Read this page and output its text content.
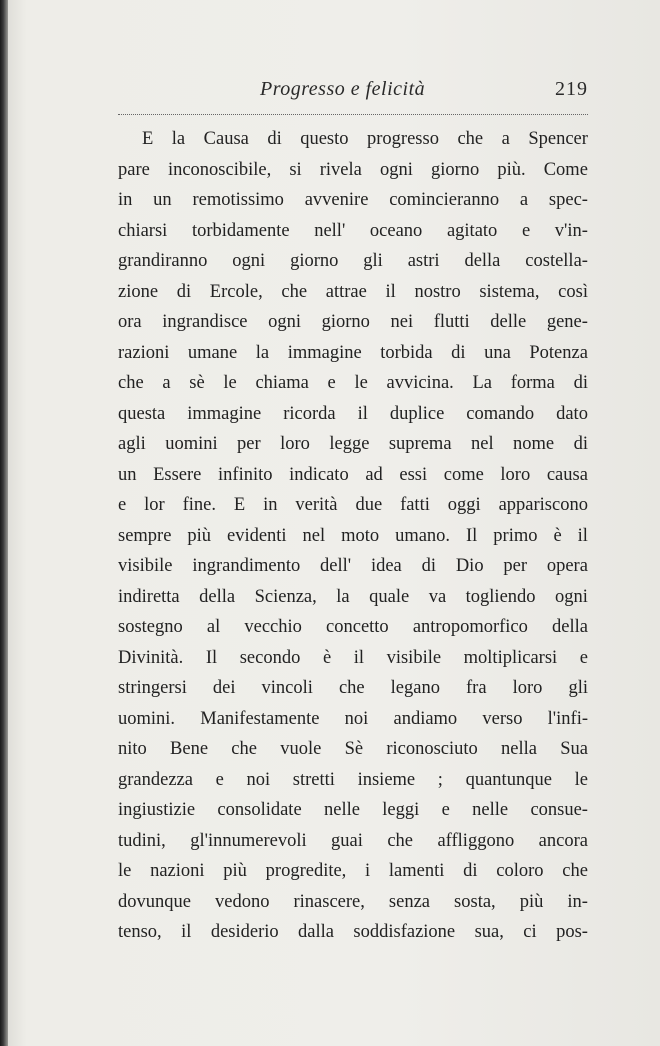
Progresso e felicità	219
E la Causa di questo progresso che a Spencer
pare inconoscibile, si rivela ogni giorno più. Come
in un remotissimo avvenire comincieranno a spec-
chiarsi torbidamente nell' oceano agitato e v'in-
grandiranno ogni giorno gli astri della costella-
zione di Ercole, che attrae il nostro sistema, così
ora ingrandisce ogni giorno nei flutti delle gene-
razioni umane la immagine torbida di una Potenza
che a sè le chiama e le avvicina. La forma di
questa immagine ricorda il duplice comando dato
agli uomini per loro legge suprema nel nome di
un Essere infinito indicato ad essi come loro causa
e lor fine. E in verità due fatti oggi appariscono
sempre più evidenti nel moto umano. Il primo è il
visibile ingrandimento dell' idea di Dio per opera
indiretta della Scienza, la quale va togliendo ogni
sostegno al vecchio concetto antropomorfico della
Divinità. Il secondo è il visibile moltiplicarsi e
stringersi dei vincoli che legano fra loro gli
uomini. Manifestamente noi andiamo verso l'infi-
nito Bene che vuole Sè riconosciuto nella Sua
grandezza e noi stretti insieme ; quantunque le
ingiustizie consolidate nelle leggi e nelle consue-
tudini, gl'innumerevoli guai che affliggono ancora
le nazioni più progredite, i lamenti di coloro che
dovunque vedono rinascere, senza sosta, più in-
tenso, il desiderio dalla soddisfazione sua, ci pos-
